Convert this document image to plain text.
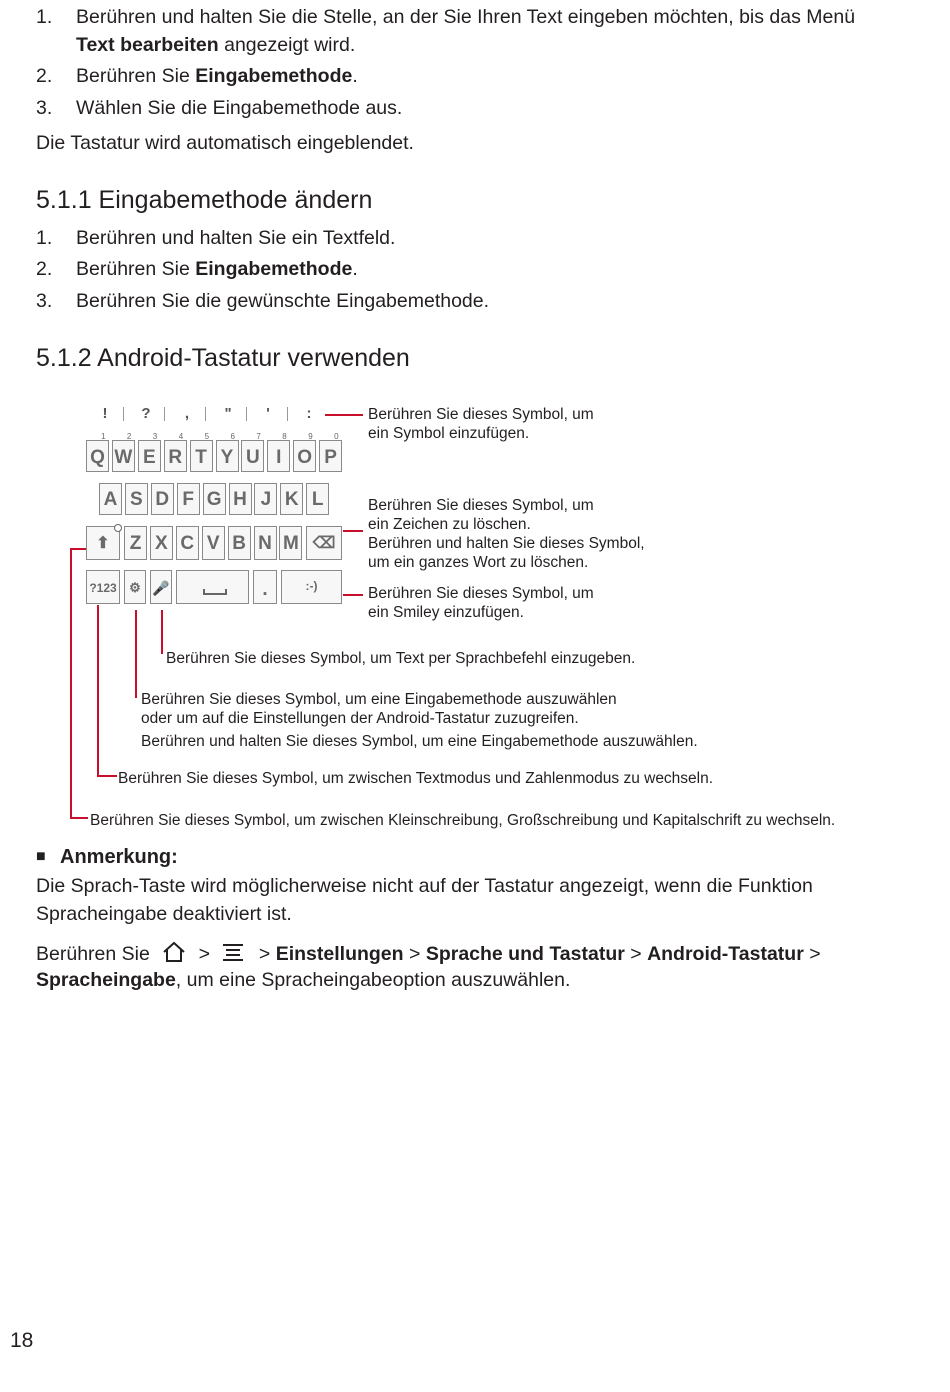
1. Berühren und halten Sie die Stelle, an der Sie Ihren Text eingeben möchten, bis das Menü
Text bearbeiten angezeigt wird.
2. Berühren Sie Eingabemethode.
3. Wählen Sie die Eingabemethode aus.
Die Tastatur wird automatisch eingeblendet.
5.1.1 Eingabemethode ändern
1. Berühren und halten Sie ein Textfeld.
2. Berühren Sie Eingabemethode.
3. Berühren Sie die gewünschte Eingabemethode.
5.1.2 Android-Tastatur verwenden
!	?	,	"	'	:
Q
1
W
2
E
3
R
4
T
5
Y
6
U
7
I
8
O
9
P
0
A S D F G H J K L
⬆	Z X C V B N M ⌫
?123 ⚙ 🎤	.	:-)
Berühren Sie dieses Symbol, um
ein Symbol einzufügen.
Berühren Sie dieses Symbol, um
ein Zeichen zu löschen.
Berühren und halten Sie dieses Symbol,
um ein ganzes Wort zu löschen.
Berühren Sie dieses Symbol, um
ein Smiley einzufügen.
Berühren Sie dieses Symbol, um Text per Sprachbefehl einzugeben.
Berühren Sie dieses Symbol, um eine Eingabemethode auszuwählen
oder um auf die Einstellungen der Android-Tastatur zuzugreifen.
Berühren und halten Sie dieses Symbol, um eine Eingabemethode auszuwählen.
Berühren Sie dieses Symbol, um zwischen Textmodus und Zahlenmodus zu wechseln.
Berühren Sie dieses Symbol, um zwischen Kleinschreibung, Großschreibung und Kapitalschrift zu wechseln.
■ Anmerkung:
Die Sprach-Taste wird möglicherweise nicht auf der Tastatur angezeigt, wenn die Funktion
Spracheingabe deaktiviert ist.
Berühren Sie	>	> Einstellungen > Sprache und Tastatur > Android-Tastatur >
Spracheingabe, um eine Spracheingabeoption auszuwählen.
18
